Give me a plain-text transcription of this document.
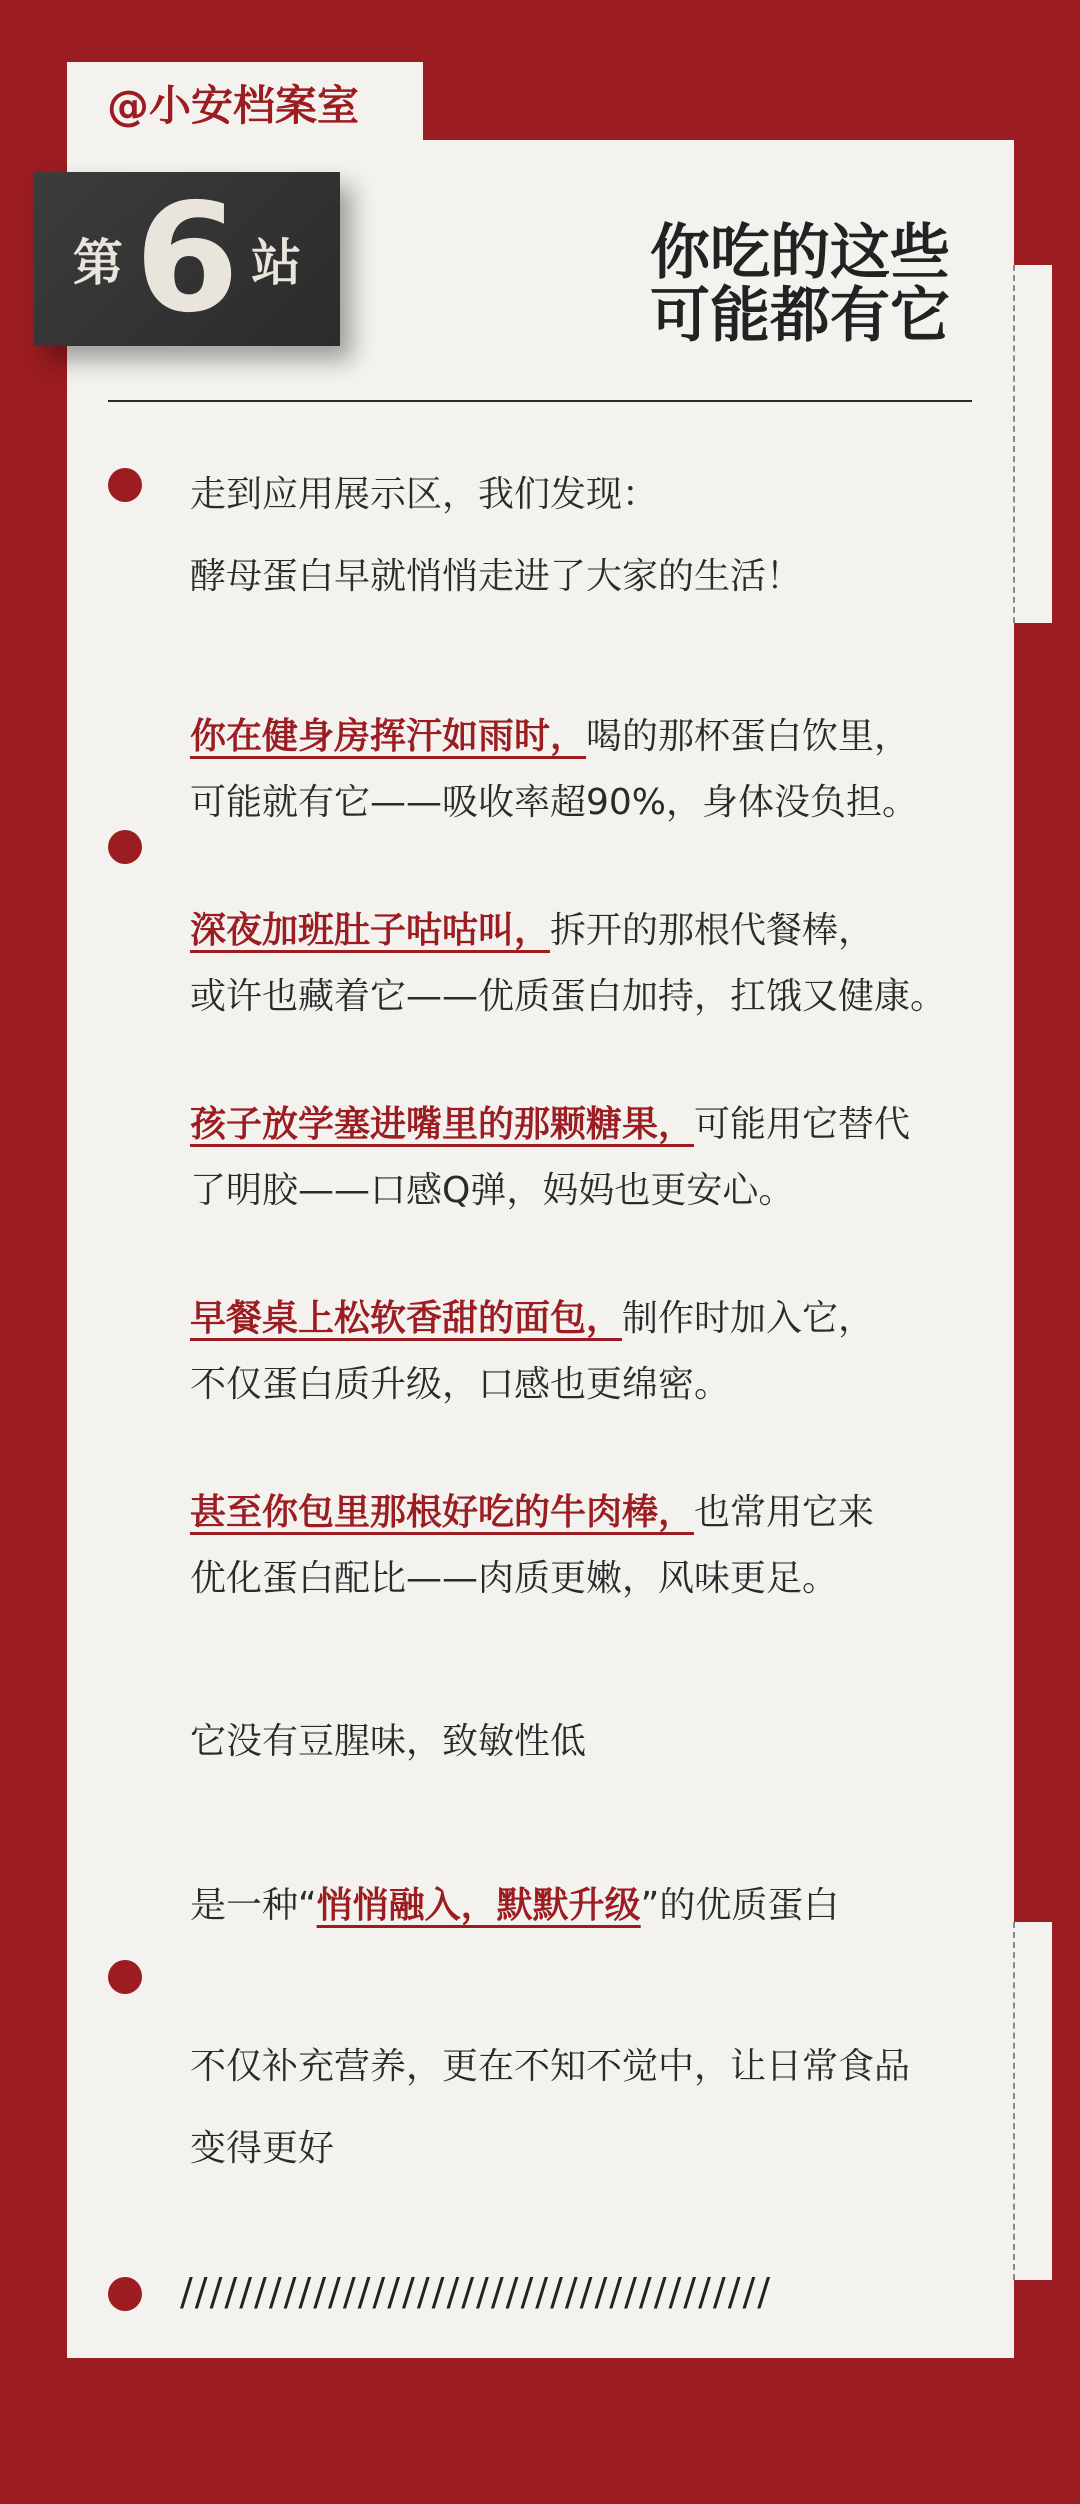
@小安档案室
第 6 站	你吃的这些
可能都有它
走到应用展示区，我们发现：
酵母蛋白早就悄悄走进了大家的生活！
你在健身房挥汗如雨时，喝的那杯蛋白饮里，
可能就有它——吸收率超90%，身体没负担。
深夜加班肚子咕咕叫，拆开的那根代餐棒，
或许也藏着它——优质蛋白加持，扛饿又健康。
孩子放学塞进嘴里的那颗糖果，可能用它替代
了明胶——口感Q弹，妈妈也更安心。
早餐桌上松软香甜的面包，制作时加入它，
不仅蛋白质升级，口感也更绵密。
甚至你包里那根好吃的牛肉棒，也常用它来
优化蛋白配比——肉质更嫩，风味更足。
它没有豆腥味，致敏性低
是一种“悄悄融入，默默升级”的优质蛋白
不仅补充营养，更在不知不觉中，让日常食品
变得更好
////////////////////////////////////////
